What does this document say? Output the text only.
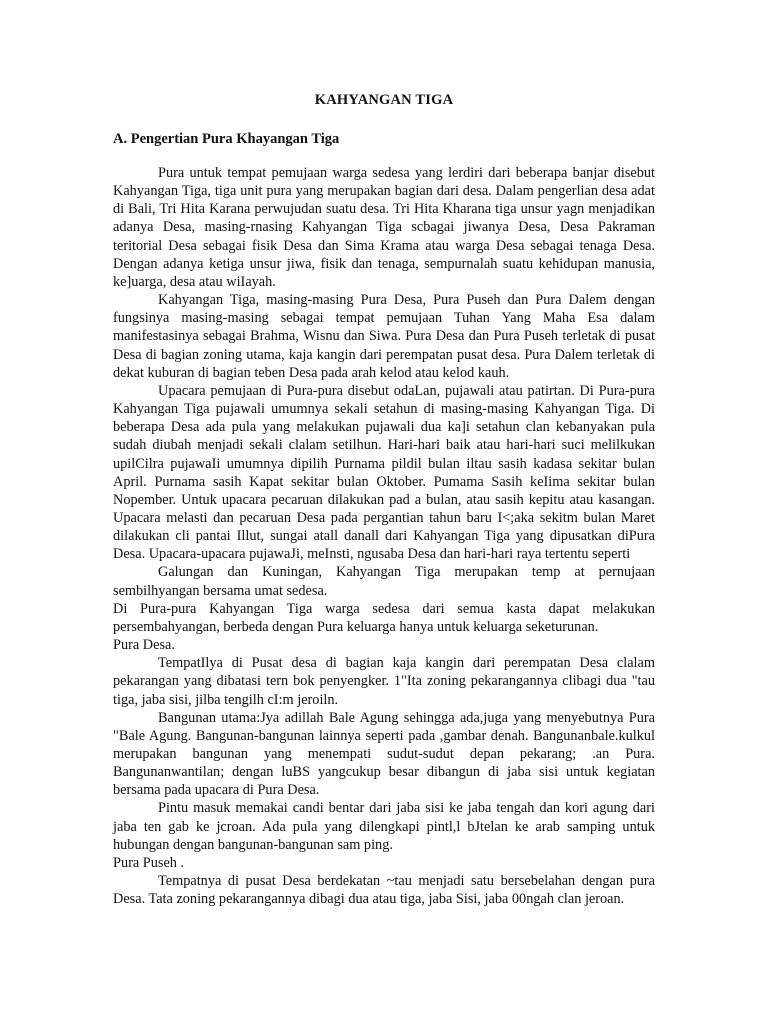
KAHYANGAN TIGA
A. Pengertian Pura Khayangan Tiga

Pura untuk tempat pemujaan warga sedesa yang lerdiri dari beberapa banjar disebut Kahyangan Tiga, tiga unit pura yang merupakan bagian dari desa. Dalam pengerlian desa adat di Bali, Tri Hita Karana perwujudan suatu desa. Tri Hita Kharana tiga unsur yagn menjadikan adanya Desa, masing-rnasing Kahyangan Tiga scbagai jiwanya Desa, Desa Pakraman teritorial Desa sebagai fisik Desa dan Sima Krama atau warga Desa sebagai tenaga Desa. Dengan adanya ketiga unsur jiwa, fisik dan tenaga, sempurnalah suatu kehidupan manusia, ke]uarga, desa atau wiIayah.

Kahyangan Tiga, masing-masing Pura Desa, Pura Puseh dan Pura Dalem dengan fungsinya masing-masing sebagai tempat pemujaan Tuhan Yang Maha Esa dalam manifestasinya sebagai Brahma, Wisnu dan Siwa. Pura Desa dan Pura Puseh terletak di pusat Desa di bagian zoning utama, kaja kangin dari perempatan pusat desa. Pura Dalem terletak di dekat kuburan di bagian teben Desa pada arah kelod atau kelod kauh.

Upacara pemujaan di Pura-pura disebut odaLan, pujawali atau patirtan. Di Pura-pura Kahyangan Tiga pujawali umumnya sekali setahun di masing-masing Kahyangan Tiga. Di beberapa Desa ada pula yang melakukan pujawali dua ka]i setahun clan kebanyakan pula sudah diubah menjadi sekali clalam setilhun. Hari-hari baik atau hari-hari suci melilkukan upilCilra pujawaIi umumnya dipilih Purnama pildil bulan iltau sasih kadasa sekitar bulan April. Purnama sasih Kapat sekitar bulan Oktober. Pumama Sasih keIima sekitar bulan Nopember. Untuk upacara pecaruan dilakukan pad a bulan, atau sasih kepitu atau kasangan. Upacara melasti dan pecaruan Desa pada pergantian tahun baru I<;aka sekitm bulan Maret dilakukan cli pantai Illut, sungai atall danall dari Kahyangan Tiga yang dipusatkan diPura Desa. Upacara-upacara pujawaJi, meInsti, ngusaba Desa dan hari-hari raya tertentu seperti

Galungan dan Kuningan, Kahyangan Tiga merupakan temp at pernujaan sembilhyangan bersama umat sedesa.

Di Pura-pura Kahyangan Tiga warga sedesa dari semua kasta dapat melakukan persembahyangan, berbeda dengan Pura keluarga hanya untuk keluarga seketurunan.

Pura Desa.

TempatIlya di Pusat desa di bagian kaja kangin dari perempatan Desa clalam pekarangan yang dibatasi tern bok penyengker. 1"Ita zoning pekarangannya clibagi dua "tau tiga, jaba sisi, jilba tengilh cI:m jeroiln.

Bangunan utama:Jya adillah Bale Agung sehingga ada,juga yang menyebutnya Pura "Bale Agung. Bangunan-bangunan lainnya seperti pada ,gambar denah. Bangunanbale.kulkul merupakan bangunan yang menempati sudut-sudut depan pekarang; .an Pura. Bangunanwantilan; dengan luBS yangcukup besar dibangun di jaba sisi untuk kegiatan bersama pada upacara di Pura Desa.

Pintu masuk memakai candi bentar dari jaba sisi ke jaba tengah dan kori agung dari jaba ten gab ke jcroan. Ada pula yang dilengkapi pintl,l bJtelan ke arab samping untuk hubungan dengan bangunan-bangunan sam ping.

Pura Puseh .

Tempatnya di pusat Desa berdekatan ~tau menjadi satu bersebelahan dengan pura Desa. Tata zoning pekarangannya dibagi dua atau tiga, jaba Sisi, jaba 00ngah clan jeroan.
